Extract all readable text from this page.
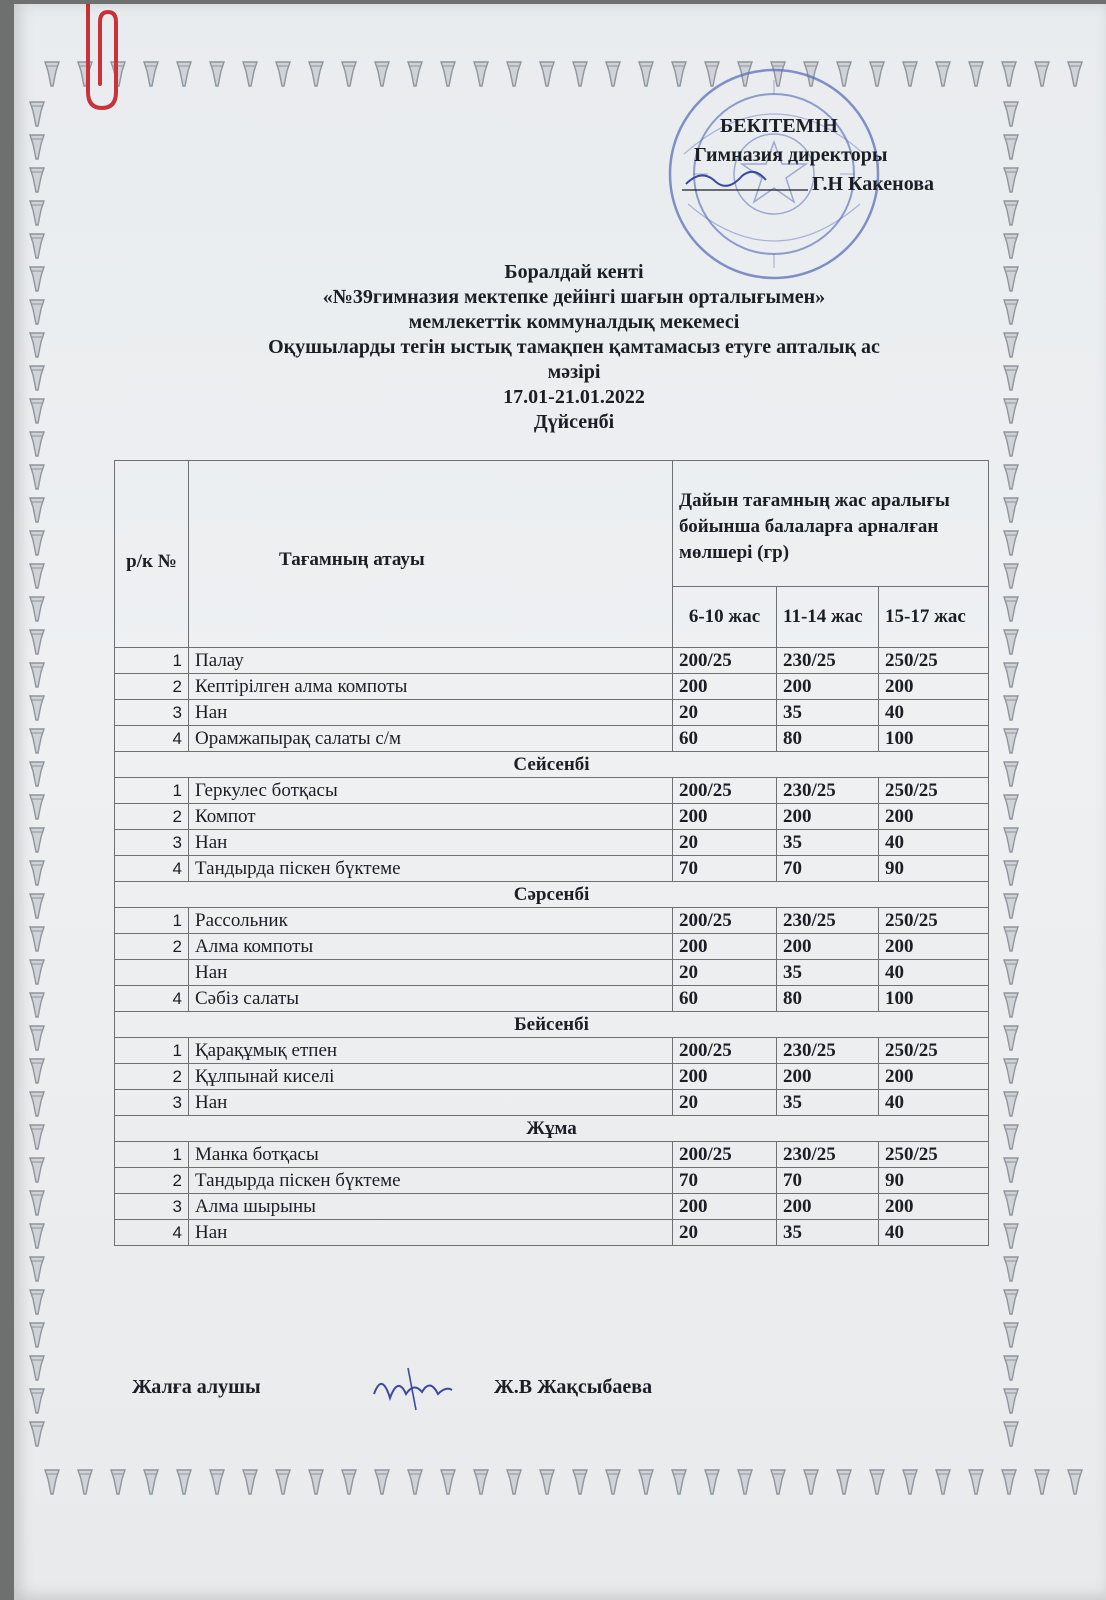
БЕКІТЕМІН
Гимназия директоры
Г.Н Какенова
Боралдай кенті
«№39гимназия мектепке дейінгі шағын орталығымен»
мемлекеттік коммуналдық мекемесі
Оқушыларды тегін ыстық тамақпен қамтамасыз етуге апталық ас
мәзірі
17.01-21.01.2022
Дүйсенбі
р/к №	Тағамның атауы	Дайын тағамның жас аралығы бойынша балаларға арналған мөлшері (гр)		
		6-10 жас	11-14 жас	15-17 жас
1	Палау	200/25	230/25	250/25
2	Кептірілген алма компоты	200	200	200
3	Нан	20	35	40
4	Орамжапырақ салаты с/м	60	80	100
Сейсенбі				
1	Геркулес ботқасы	200/25	230/25	250/25
2	Компот	200	200	200
3	Нан	20	35	40
4	Тандырда піскен бүктеме	70	70	90
Сәрсенбі				
1	Рассольник	200/25	230/25	250/25
2	Алма компоты	200	200	200
	Нан	20	35	40
4	Сәбіз салаты	60	80	100
Бейсенбі				
1	Қарақұмық етпен	200/25	230/25	250/25
2	Құлпынай киселі	200	200	200
3	Нан	20	35	40
Жұма				
1	Манка ботқасы	200/25	230/25	250/25
2	Тандырда піскен бүктеме	70	70	90
3	Алма шырыны	200	200	200
4	Нан	20	35	40
Жалға алушы	Ж.В Жақсыбаева
